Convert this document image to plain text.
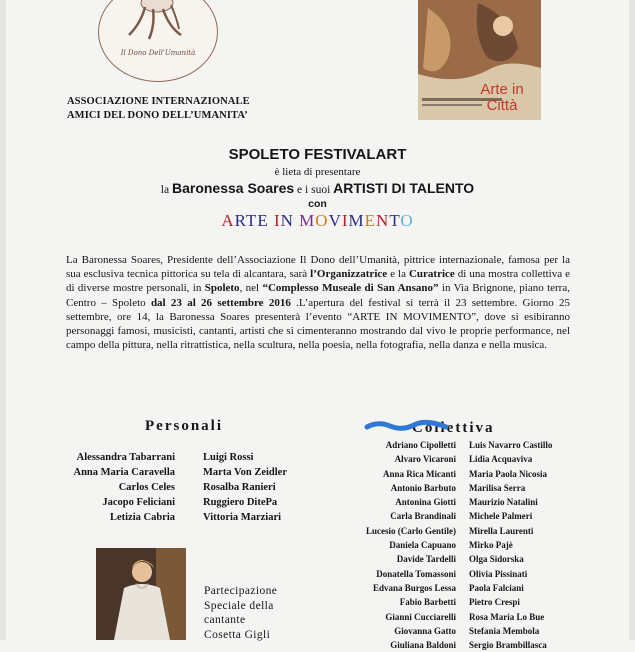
Il Dono Dell'Umanità
ASSOCIAZIONE INTERNAZIONALE
AMICI DEL DONO DELL’UMANITA’
Arte in
Città
SPOLETO FESTIVALART
è lieta di presentare
la Baronessa Soares e i suoi ARTISTI DI TALENTO
con
ARTE IN MOVIMENTO

La Baronessa Soares, Presidente dell’Associazione Il Dono dell’Umanità, pittrice internazionale, famosa per la sua esclusiva tecnica pittorica su tela di alcantara, sarà l’Organizzatrice e la Curatrice di una mostra collettiva e di diverse mostre personali, in Spoleto, nel “Complesso Museale di San Ansano” in Via Brignone, piano terra, Centro – Spoleto dal 23 al 26 settembre 2016 .L’apertura del festival si terrà il 23 settembre. Giorno 25 settembre, ore 14, la Baronessa Soares presenterà l’evento “ARTE IN MOVIMENTO”, dove si esibiranno personaggi famosi, musicisti, cantanti, artisti che si cimenteranno mostrando dal vivo le proprie performance, nel campo della pittura, nella ritrattistica, nella scultura, nella poesia, nella fotografia, nella danza e nella musica.

Personali
Alessandra Tabarrani
Anna Maria Caravella
Carlos Celes
Jacopo Feliciani
Letizia Cabria
Luigi Rossi
Marta Von Zeidler
Rosalba Ranieri
Ruggiero DitePa
Vittoria Marziari
Collettiva
Adriano Cipolletti
Alvaro Vicaroni
Anna Rica Micanti
Antonio Barbuto
Antonina Giotti
Carla Brandinali
Lucesio (Carlo Gentile)
Daniela Capuano
Davide Tardelli
Donatella Tomassoni
Edvana Burgos Lessa
Fabio Barbetti
Gianni Cucciarelli
Giovanna Gatto
Giuliana Baldoni
Luis Navarro Castillo
Lidia Acquaviva
Maria Paola Nicosia
Marilisa Serra
Maurizio Natalini
Michele Palmeri
Mirella Laurenti
Mirko Pajè
Olga Sidorska
Olivia Pissinati
Paola Falciani
Pietro Crespi
Rosa Maria Lo Bue
Stefania Membola
Sergio Brambillasca
Partecipazione
Speciale della
cantante
Cosetta Gigli
